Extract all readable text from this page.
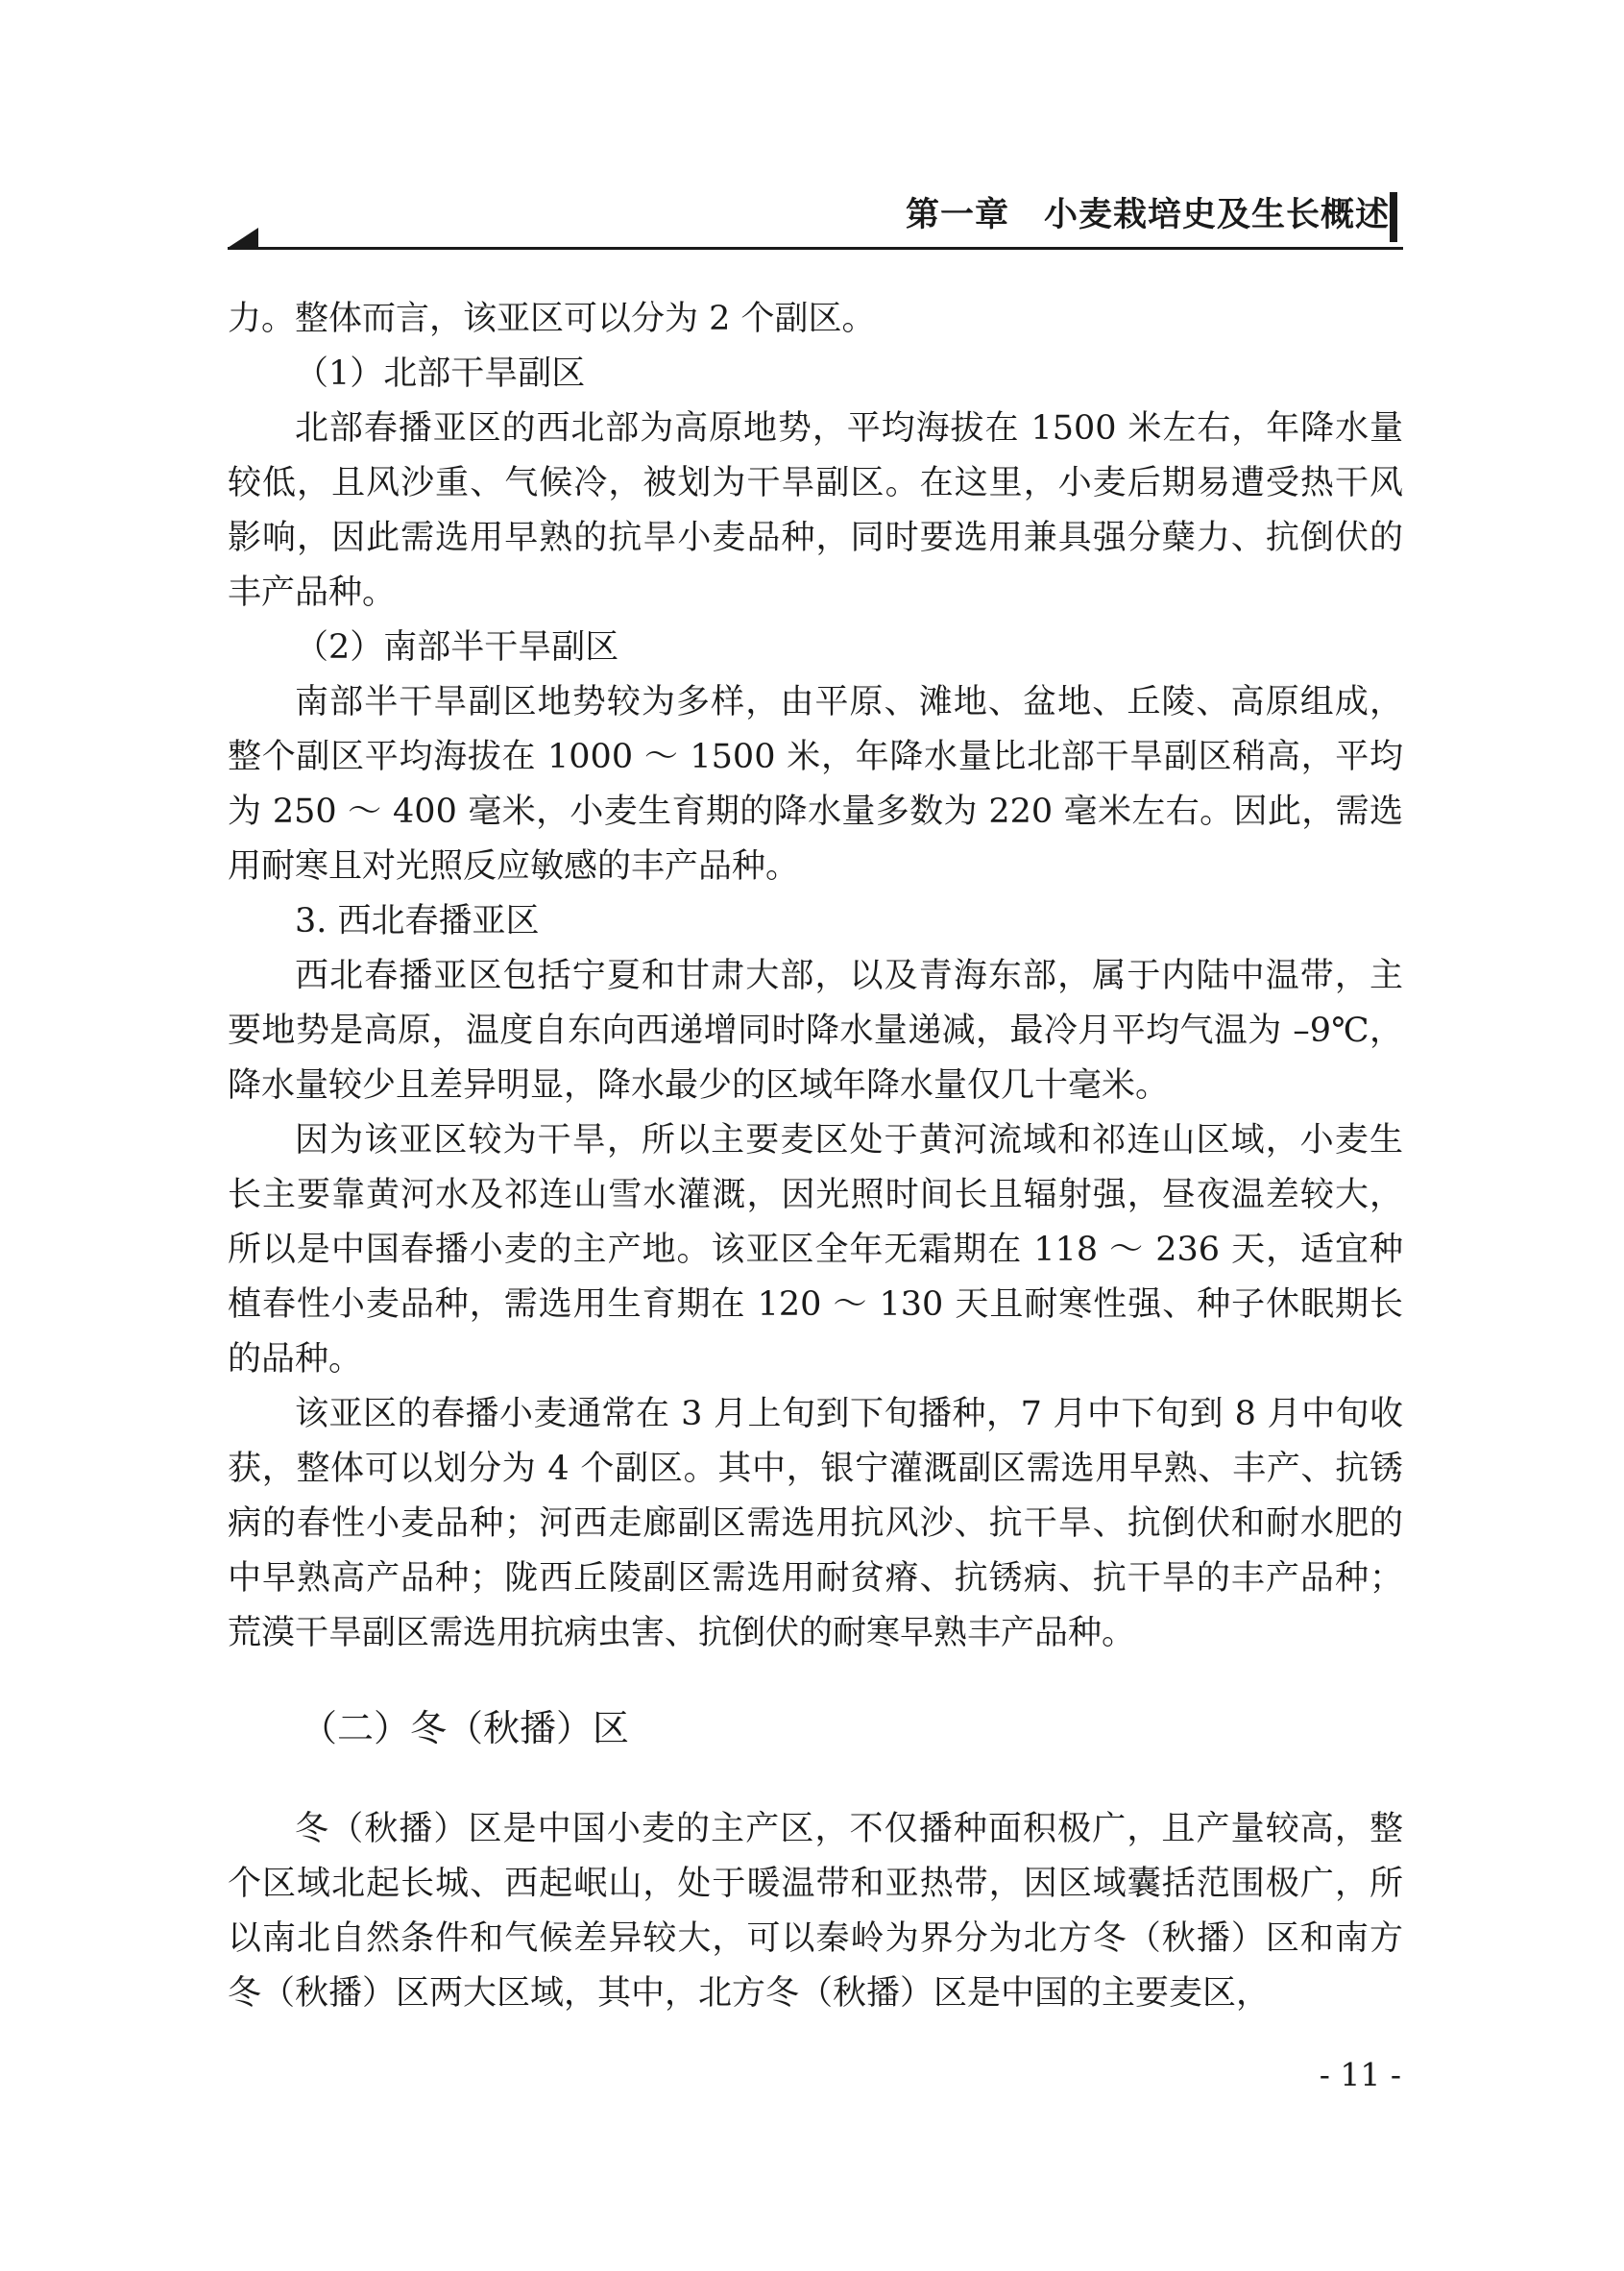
第一章　小麦栽培史及生长概述

力。整体而言，该亚区可以分为 2 个副区。

（1）北部干旱副区

北部春播亚区的西北部为高原地势，平均海拔在 1500 米左右，年降水量较低，且风沙重、气候冷，被划为干旱副区。在这里，小麦后期易遭受热干风影响，因此需选用早熟的抗旱小麦品种，同时要选用兼具强分蘖力、抗倒伏的丰产品种。

（2）南部半干旱副区

南部半干旱副区地势较为多样，由平原、滩地、盆地、丘陵、高原组成，整个副区平均海拔在 1000 ～ 1500 米，年降水量比北部干旱副区稍高，平均为 250 ～ 400 毫米，小麦生育期的降水量多数为 220 毫米左右。因此，需选用耐寒且对光照反应敏感的丰产品种。

3. 西北春播亚区

西北春播亚区包括宁夏和甘肃大部，以及青海东部，属于内陆中温带，主要地势是高原，温度自东向西递增同时降水量递减，最冷月平均气温为 –9℃，降水量较少且差异明显，降水最少的区域年降水量仅几十毫米。

因为该亚区较为干旱，所以主要麦区处于黄河流域和祁连山区域，小麦生长主要靠黄河水及祁连山雪水灌溉，因光照时间长且辐射强，昼夜温差较大，所以是中国春播小麦的主产地。该亚区全年无霜期在 118 ～ 236 天，适宜种植春性小麦品种，需选用生育期在 120 ～ 130 天且耐寒性强、种子休眠期长的品种。

该亚区的春播小麦通常在 3 月上旬到下旬播种，7 月中下旬到 8 月中旬收获，整体可以划分为 4 个副区。其中，银宁灌溉副区需选用早熟、丰产、抗锈病的春性小麦品种；河西走廊副区需选用抗风沙、抗干旱、抗倒伏和耐水肥的中早熟高产品种；陇西丘陵副区需选用耐贫瘠、抗锈病、抗干旱的丰产品种；荒漠干旱副区需选用抗病虫害、抗倒伏的耐寒早熟丰产品种。

（二）冬（秋播）区

冬（秋播）区是中国小麦的主产区，不仅播种面积极广，且产量较高，整个区域北起长城、西起岷山，处于暖温带和亚热带，因区域囊括范围极广，所以南北自然条件和气候差异较大，可以秦岭为界分为北方冬（秋播）区和南方冬（秋播）区两大区域，其中，北方冬（秋播）区是中国的主要麦区，

- 11 -
